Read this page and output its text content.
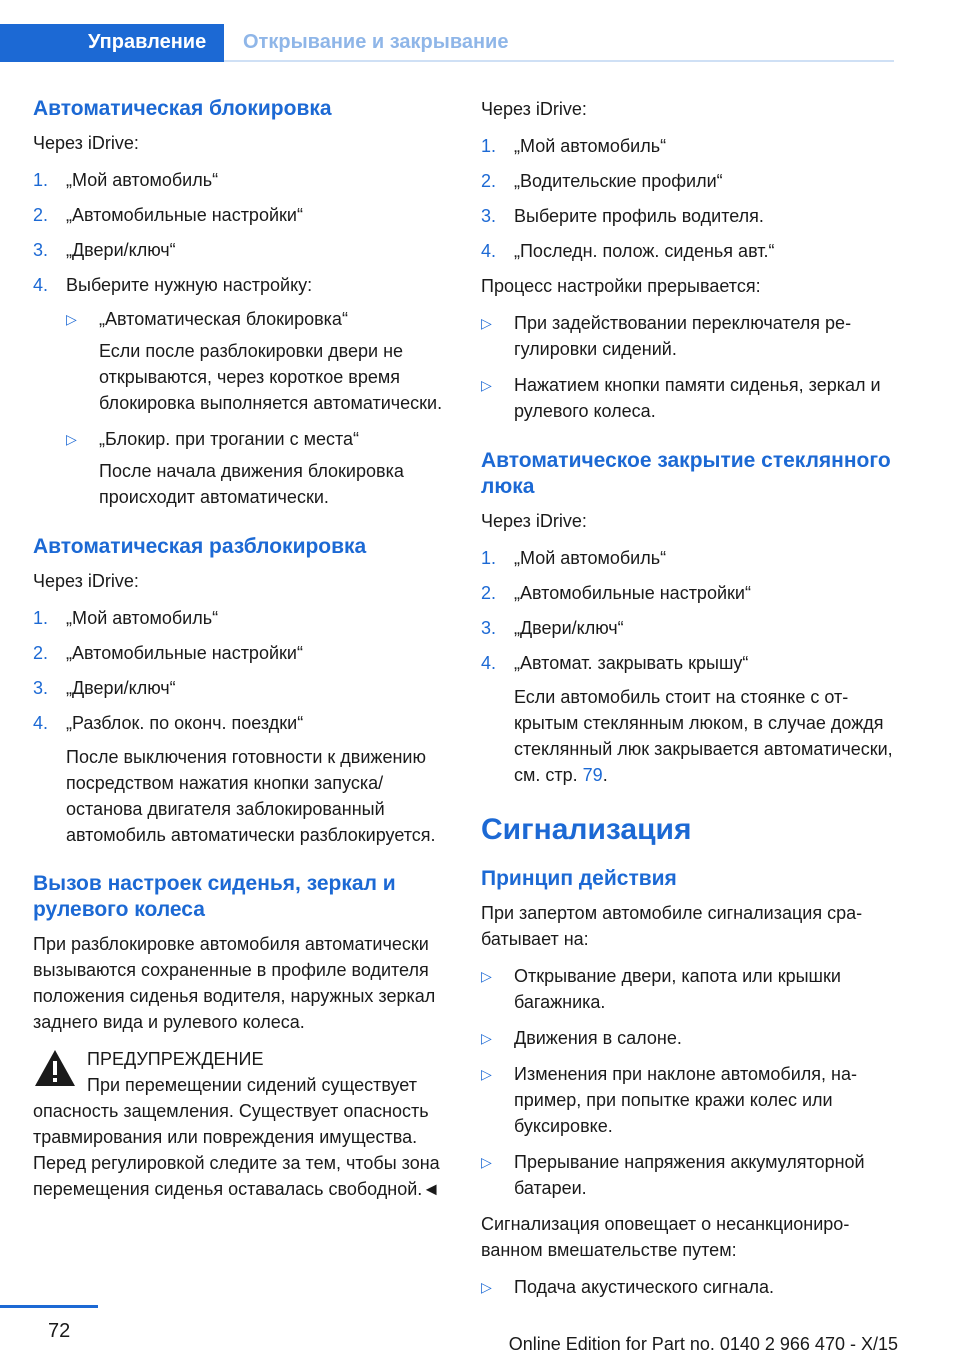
Управление Открывание и закрывание
Автоматическая блокировка
Через iDrive:
1. „Мой автомобиль“
2. „Автомобильные настройки“
3. „Двери/ключ“
4. Выберите нужную настройку:
▷ „Автоматическая блокировка“
Если после разблокировки двери не открываются, через короткое время блокировка выполняется автоматически.
▷ „Блокир. при трогании с места“
После начала движения блокировка происходит автоматически.
Автоматическая разблокировка
Через iDrive:
1. „Мой автомобиль“
2. „Автомобильные настройки“
3. „Двери/ключ“
4. „Разблок. по оконч. поездки“
После выключения готовности к движению посредством нажатия кнопки запуска/останова двигателя заблокированный автомобиль автоматически разблокируется.
Вызов настроек сиденья, зеркал и рулевого колеса
При разблокировке автомобиля автоматически вызываются сохраненные в профиле водителя положения сиденья водителя, наружных зеркал заднего вида и рулевого колеса.
ПРЕДУПРЕЖДЕНИЕ
При перемещении сидений существует
опасность защемления. Существует опасность травмирования или повреждения имущества. Перед регулировкой следите за тем, чтобы зона перемещения сиденья оставалась свободной.◄
Через iDrive:
1. „Мой автомобиль“
2. „Водительские профили“
3. Выберите профиль водителя.
4. „Последн. полож. сиденья авт.“
Процесс настройки прерывается:
▷ При задействовании переключателя регулировки сидений.
▷ Нажатием кнопки памяти сиденья, зеркал и рулевого колеса.
Автоматическое закрытие стеклянного люка
Через iDrive:
1. „Мой автомобиль“
2. „Автомобильные настройки“
3. „Двери/ключ“
4. „Автомат. закрывать крышу“
Если автомобиль стоит на стоянке с открытым стеклянным люком, в случае дождя стеклянный люк закрывается автоматически, см. стр. 79.
Сигнализация
Принцип действия
При запертом автомобиле сигнализация срабатывает на:
▷ Открывание двери, капота или крышки багажника.
▷ Движения в салоне.
▷ Изменения при наклоне автомобиля, например, при попытке кражи колес или буксировке.
▷ Прерывание напряжения аккумуляторной батареи.
Сигнализация оповещает о несанкционированном вмешательстве путем:
▷ Подача акустического сигнала.
72
Online Edition for Part no. 0140 2 966 470 - X/15
